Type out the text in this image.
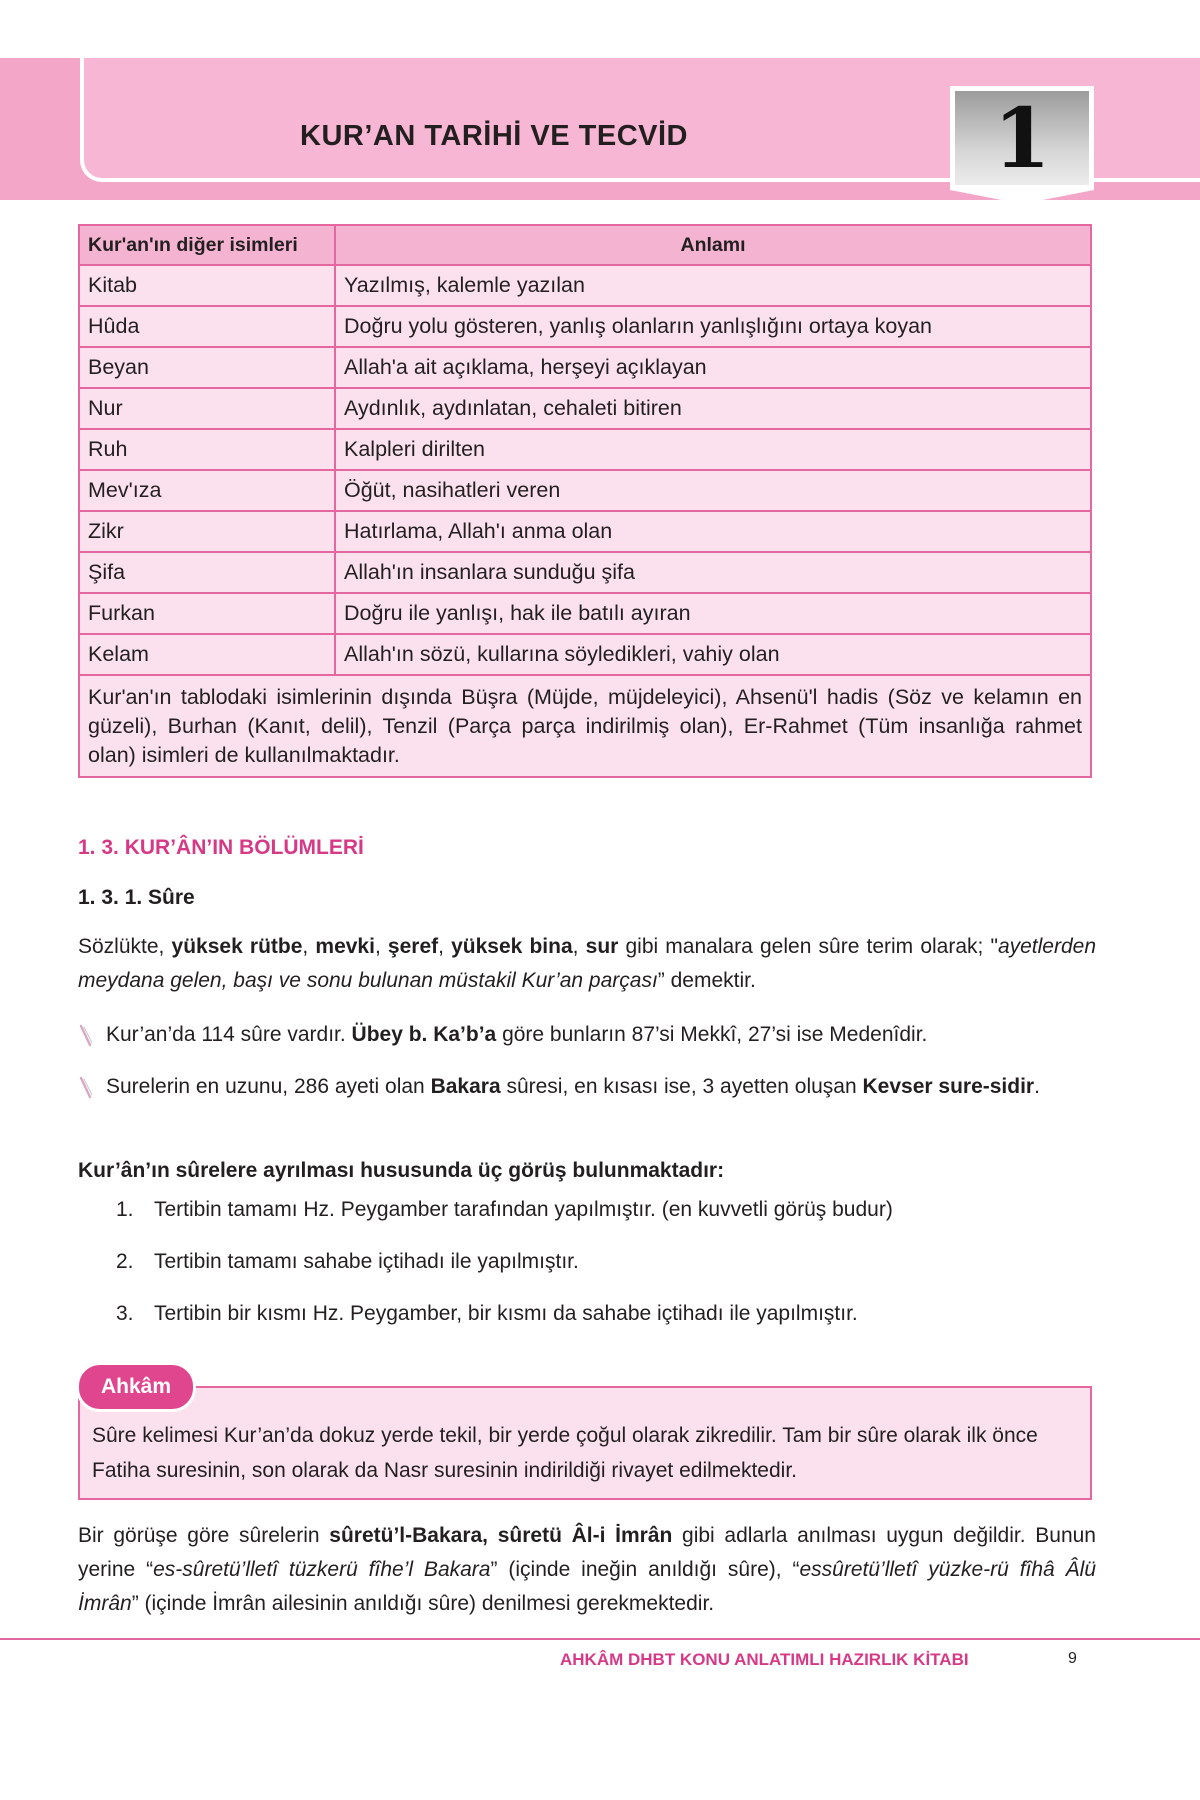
KUR’AN TARİHİ VE TECVİD	1
Kur'an'ın diğer isimleri	Anlamı
Kitab	Yazılmış, kalemle yazılan
Hûda	Doğru yolu gösteren, yanlış olanların yanlışlığını ortaya koyan
Beyan	Allah'a ait açıklama, herşeyi açıklayan
Nur	Aydınlık, aydınlatan, cehaleti bitiren
Ruh	Kalpleri dirilten
Mev'ıza	Öğüt, nasihatleri veren
Zikr	Hatırlama, Allah'ı anma olan
Şifa	Allah'ın insanlara sunduğu şifa
Furkan	Doğru ile yanlışı, hak ile batılı ayıran
Kelam	Allah'ın sözü, kullarına söyledikleri, vahiy olan
Kur'an'ın tablodaki isimlerinin dışında Büşra (Müjde, müjdeleyici), Ahsenü'l hadis (Söz ve kelamın en güzeli), Burhan (Kanıt, delil), Tenzil (Parça parça indirilmiş olan), Er-Rahmet (Tüm insanlığa rahmet olan) isimleri de kullanılmaktadır.	
1. 3. KUR’ÂN’IN BÖLÜMLERİ
1. 3. 1. Sûre
Sözlükte, yüksek rütbe, mevki, şeref, yüksek bina, sur gibi manalara gelen sûre terim olarak; "ayetlerden meydana gelen, başı ve sonu bulunan müstakil Kur’an parçası” demektir.
Kur’an’da 114 sûre vardır. Übey b. Ka’b’a göre bunların 87’si Mekkî, 27’si ise Medenîdir.
Surelerin en uzunu, 286 ayeti olan Bakara sûresi, en kısası ise, 3 ayetten oluşan Kevser sure-sidir.
Kur’ân’ın sûrelere ayrılması hususunda üç görüş bulunmaktadır:
1. Tertibin tamamı Hz. Peygamber tarafından yapılmıştır. (en kuvvetli görüş budur)
2. Tertibin tamamı sahabe içtihadı ile yapılmıştır.
3. Tertibin bir kısmı Hz. Peygamber, bir kısmı da sahabe içtihadı ile yapılmıştır.
Ahkâm
Sûre kelimesi Kur’an’da dokuz yerde tekil, bir yerde çoğul olarak zikredilir. Tam bir sûre olarak ilk önce Fatiha suresinin, son olarak da Nasr suresinin indirildiği rivayet edilmektedir.
Bir görüşe göre sûrelerin sûretü’l-Bakara, sûretü Âl-i İmrân gibi adlarla anılması uygun değildir. Bunun yerine “es-sûretü’lletî tüzkerü fîhe’l Bakara” (içinde ineğin anıldığı sûre), “essûretü’lletî yüzke-rü fîhâ Âlü İmrân” (içinde İmrân ailesinin anıldığı sûre) denilmesi gerekmektedir.
AHKÂM DHBT KONU ANLATIMLI HAZIRLIK KİTABI	9
